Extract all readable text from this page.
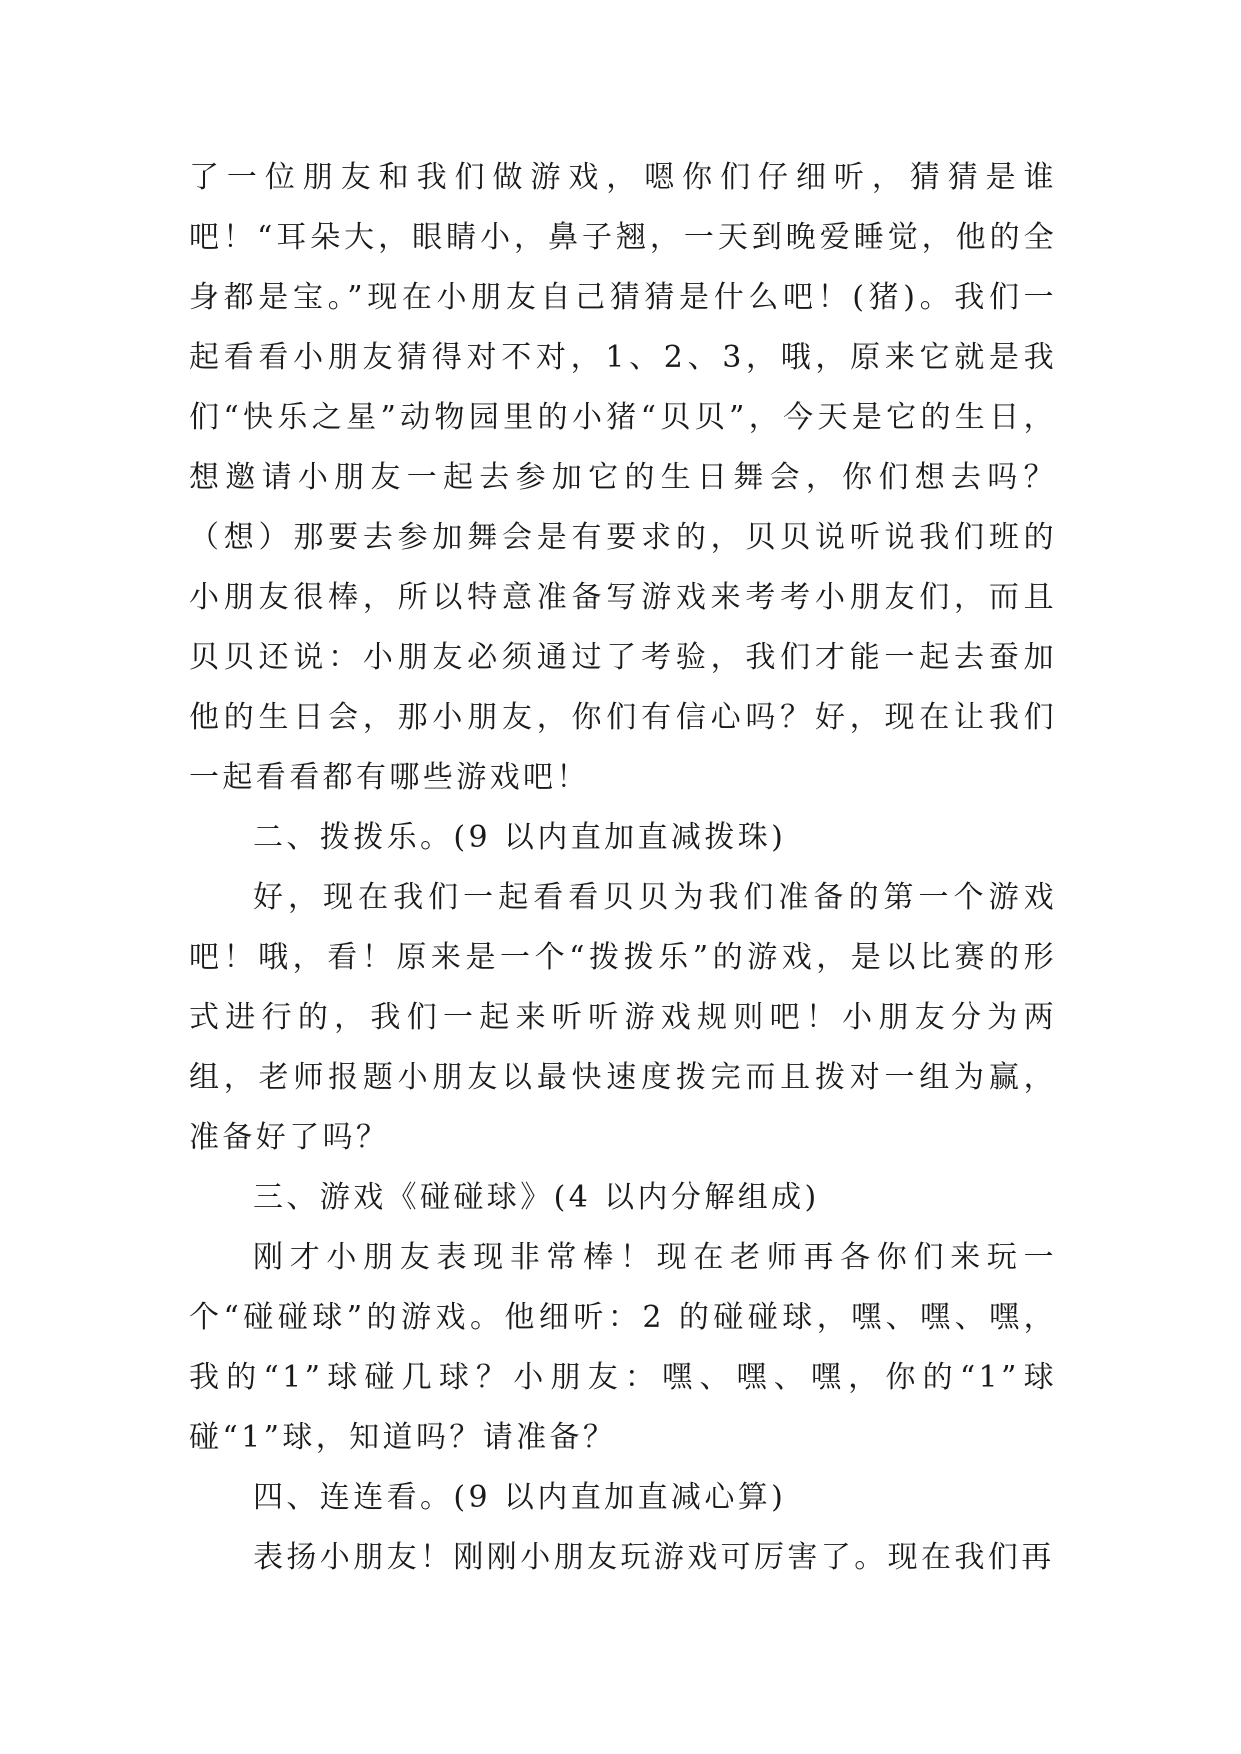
了一位朋友和我们做游戏，嗯你们仔细听，猜猜是谁吧！“耳朵大，眼睛小，鼻子翘，一天到晚爱睡觉，他的全身都是宝。”现在小朋友自己猜猜是什么吧！(猪)。我们一起看看小朋友猜得对不对，1、2、3，哦，原来它就是我们“快乐之星”动物园里的小猪“贝贝”，今天是它的生日，想邀请小朋友一起去参加它的生日舞会，你们想去吗？（想）那要去参加舞会是有要求的，贝贝说听说我们班的小朋友很棒，所以特意准备写游戏来考考小朋友们，而且贝贝还说：小朋友必须通过了考验，我们才能一起去蚕加他的生日会，那小朋友，你们有信心吗？好，现在让我们一起看看都有哪些游戏吧！

二、拨拨乐。(9 以内直加直减拨珠)

好，现在我们一起看看贝贝为我们准备的第一个游戏吧！哦，看！原来是一个“拨拨乐”的游戏，是以比赛的形式进行的，我们一起来听听游戏规则吧！小朋友分为两组，老师报题小朋友以最快速度拨完而且拨对一组为赢，准备好了吗？

三、游戏《碰碰球》(4 以内分解组成)

刚才小朋友表现非常棒！现在老师再各你们来玩一个“碰碰球”的游戏。他细听：2 的碰碰球，嘿、嘿、嘿，我的“1”球碰几球？小朋友：嘿、嘿、嘿，你的“1”球碰“1”球，知道吗？请准备？

四、连连看。(9 以内直加直减心算)

表扬小朋友！刚刚小朋友玩游戏可厉害了。现在我们再
